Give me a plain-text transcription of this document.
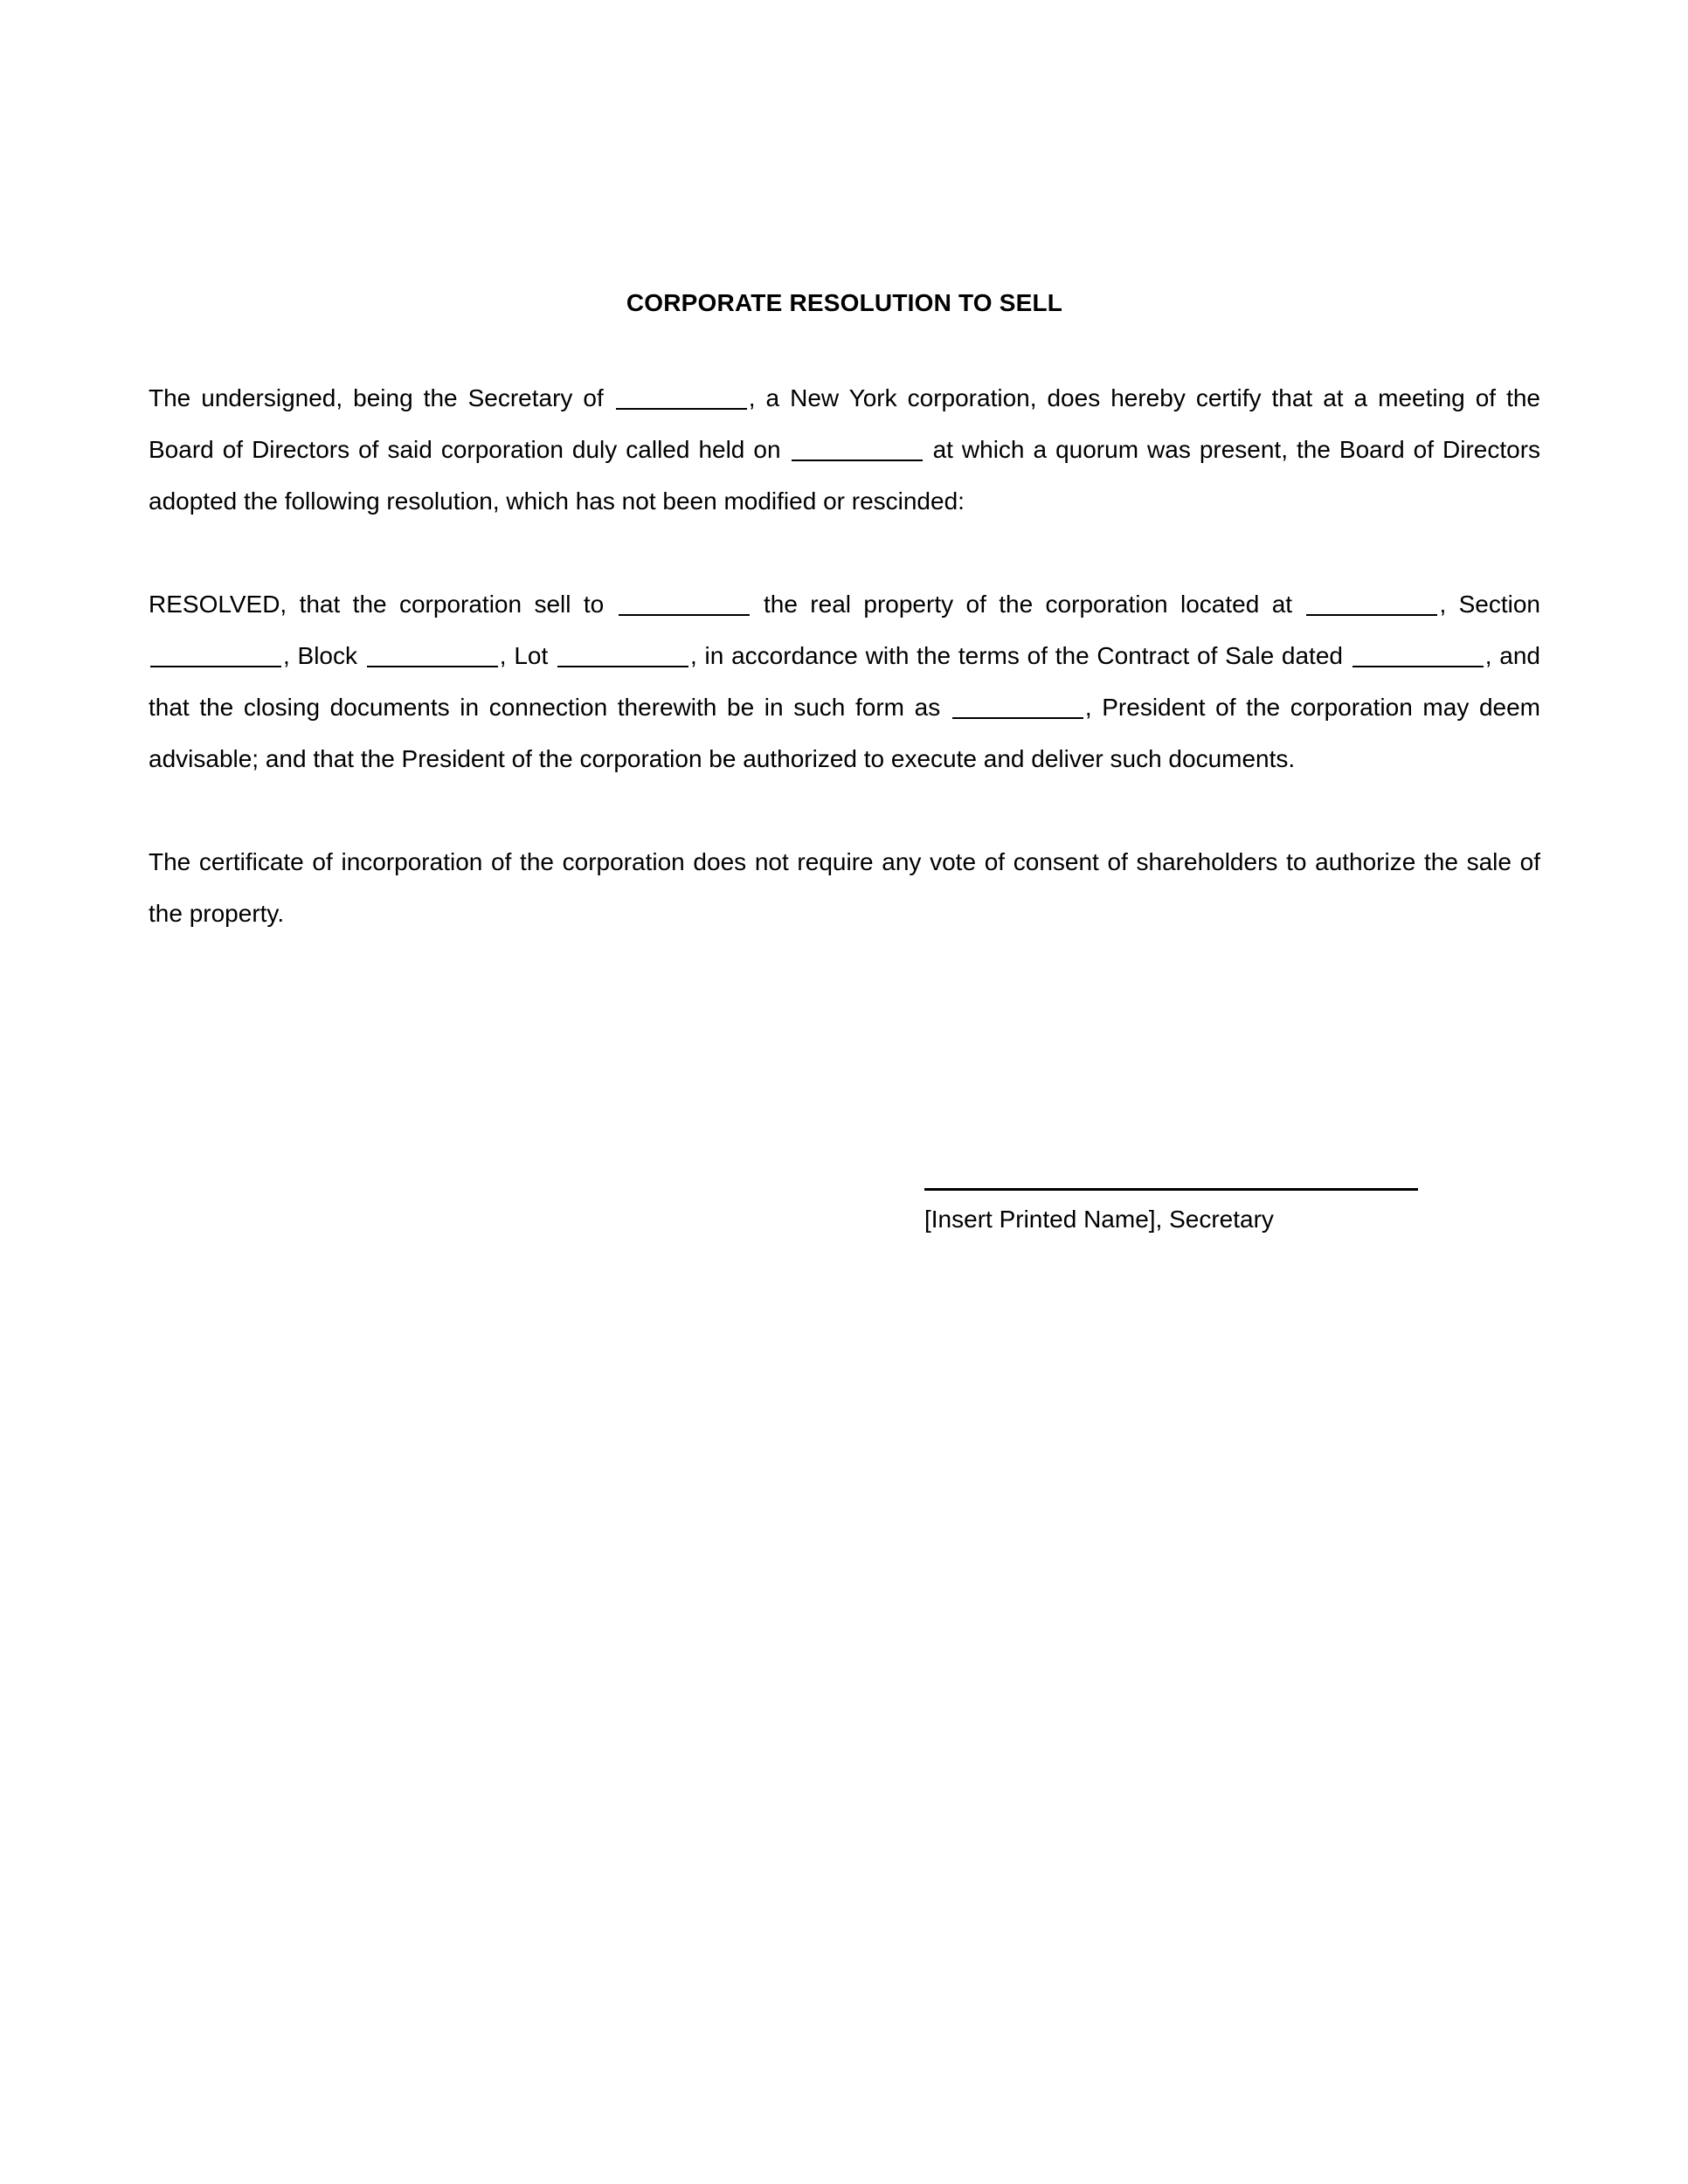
CORPORATE RESOLUTION TO SELL

The undersigned, being the Secretary of	, a New York corporation, does hereby certify that at a meeting of the Board of Directors of said corporation duly called held on	at which a quorum was present, the Board of Directors adopted the following resolution, which has not been modified or rescinded:

RESOLVED, that the corporation sell to	the real property of the corporation located at	, Section , Block	, Lot	, in accordance with the terms of the Contract of Sale dated	, and that the closing documents in connection therewith be in such form as	, President of the corporation may deem advisable; and that the President of the corporation be authorized to execute and deliver such documents.

The certificate of incorporation of the corporation does not require any vote of consent of shareholders to authorize the sale of the property.

[Insert Printed Name], Secretary
